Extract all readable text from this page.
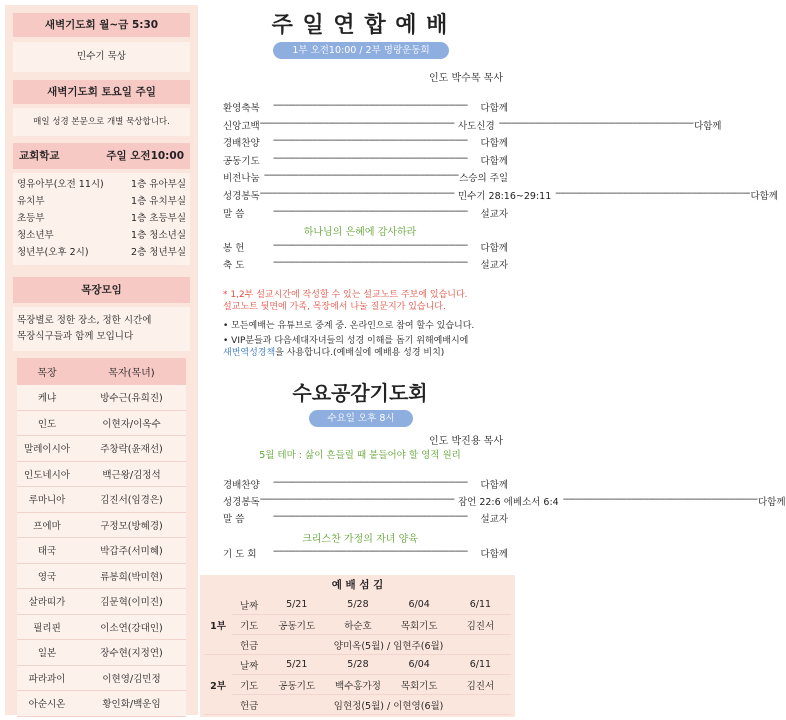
새벽기도회 월~금 5:30
민수기 묵상
새벽기도회 토요일 주일
매일 성경 본문으로 개별 묵상합니다.
교회학교	주일 오전10:00
영유아부(오전 11시)	1층 유아부실
유치부	1층 유치부실
초등부	1층 초등부실
청소년부	1층 청소년실
청년부(오후 2시)	2층 청년부실
목장모임
목장별로 정한 장소, 정한 시간에
목장식구들과 함께 모입니다
목장	목자(목녀)
케냐	방수근(유희진)
인도	이현자/이옥수
말레이시아	주창락(윤재선)
인도네시아	백근왕/김정석
루마니아	김진서(임경은)
프에마	구정모(방혜경)
태국	박갑주(서미혜)
영국	류봉희(박미현)
살라띠가	김문혁(이미진)
필리핀	이소연(강대인)
일본	장수현(지정연)
파라과이	이현영/김민정
아순시온	황인화/백운임
주 일 연 합 예 배
1부 오전10:00 / 2부 명랑운동회
인도 박수목 목사
환영축복	--------------------------------------------------------------------------------	다함께
신앙고백 -------------------------------------------------------------------------------- 사도신경 -------------------------------------------------------------------------------- 다함께
경배찬양	--------------------------------------------------------------------------------	다함께
공동기도	--------------------------------------------------------------------------------	다함께
비전나눔 -------------------------------------------------------------------------------- 스승의 주일
성경봉독 -------------------------------------------------------------------------------- 민수기 28:16~29:11 -------------------------------------------------------------------------------- 다함께
말 씀	--------------------------------------------------------------------------------	설교자
하나님의 은혜에 감사하라
봉 헌	--------------------------------------------------------------------------------	다함께
축 도	--------------------------------------------------------------------------------	설교자
* 1,2부 설교시간에 작성할 수 있는 설교노트 주보에 있습니다.
설교노트 뒷면에 가족, 목장에서 나눌 질문지가 있습니다.
• 모든예배는 유튜브로 중계 중. 온라인으로 참여 할수 있습니다.
• VIP분들과 다음세대자녀들의 성경 이해를 돕기 위해예배시에
새번역성경책을 사용합니다.(예배실에 예배용 성경 비치)
수요공감기도회
수요일 오후 8시
인도 박진용 목사
5월 테마 : 삶이 흔들릴 때 붙들어야 할 영적 원리
경배찬양	--------------------------------------------------------------------------------	다함께
성경봉독 -------------------------------------------------------------------------------- 잠언 22:6 에베소서 6:4 -------------------------------------------------------------------------------- 다함께
말 씀	--------------------------------------------------------------------------------	설교자
크리스찬 가정의 자녀 양육
기 도 회	--------------------------------------------------------------------------------	다함께
예 배 섬 김
1부	날짜	5/21	5/28	6/04	6/11
	기도	공동기도	하순호	목회기도	김진서
	헌금	양미옥(5월) / 임현주(6월)			
2부	날짜	5/21	5/28	6/04	6/11
	기도	공동기도	백수홍가정	목회기도	김진서
	헌금	임현정(5월) / 이현영(6월)			
